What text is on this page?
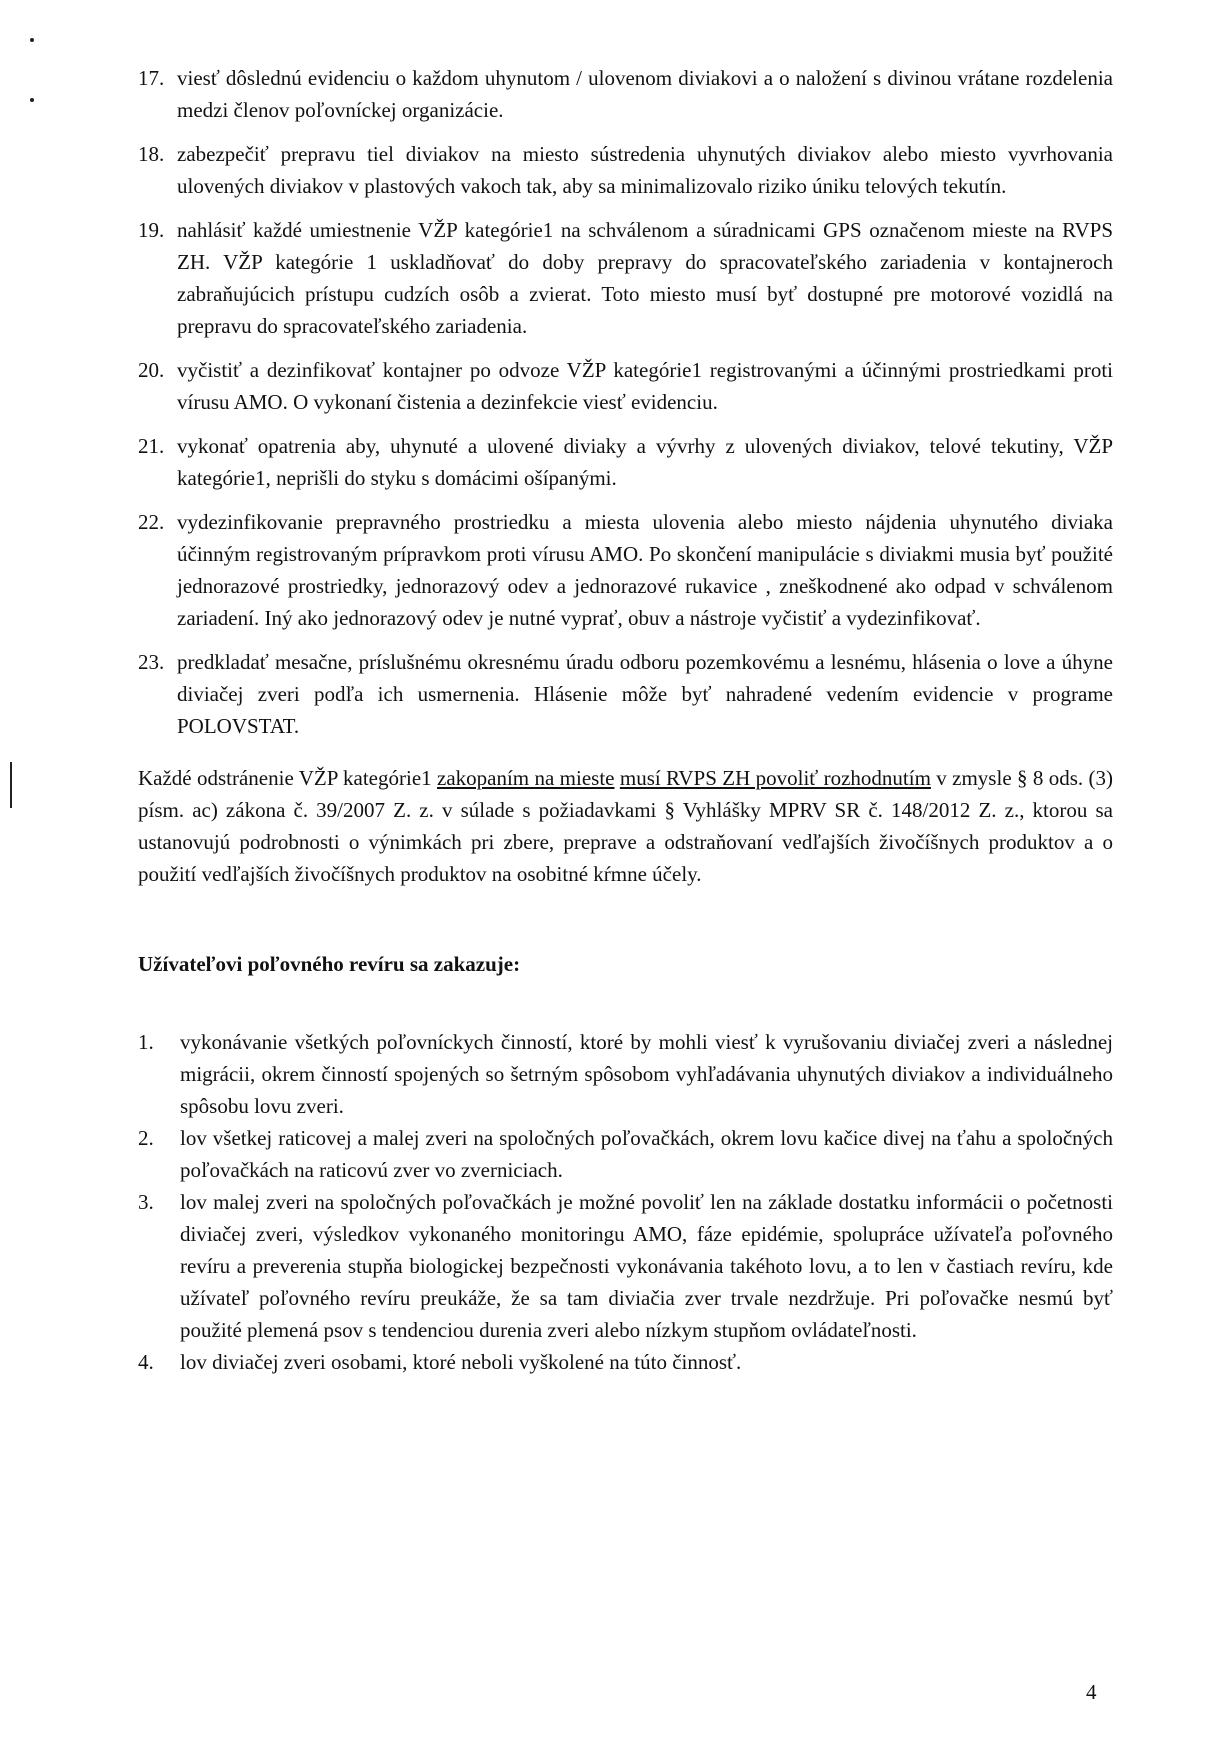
17. viesť dôslednú evidenciu o každom uhynutom / ulovenom diviakovi a o naložení s divinou vrátane rozdelenia medzi členov poľovníckej organizácie.
18. zabezpečiť prepravu tiel diviakov na miesto sústredenia uhynutých diviakov alebo miesto vyvrhovania ulovených diviakov v plastových vakoch tak, aby sa minimalizovalo riziko úniku telových tekutín.
19. nahlásiť každé umiestnenie VŽP kategórie1 na schválenom a súradnicami GPS označenom mieste na RVPS ZH. VŽP kategórie 1 uskladňovať do doby prepravy do spracovateľského zariadenia v kontajneroch zabraňujúcich prístupu cudzích osôb a zvierat. Toto miesto musí byť dostupné pre motorové vozidlá na prepravu do spracovateľského zariadenia.
20. vyčistiť a dezinfikovať kontajner po odvoze VŽP kategórie1 registrovanými a účinnými prostriedkami proti vírusu AMO. O vykonaní čistenia a dezinfekcie viesť evidenciu.
21. vykonať opatrenia aby, uhynuté a ulovené diviaky a vývrhy z ulovených diviakov, telové tekutiny, VŽP kategórie1, neprišli do styku s domácimi ošípanými.
22. vydezinfikovanie prepravného prostriedku a miesta ulovenia alebo miesto nájdenia uhynutého diviaka účinným registrovaným prípravkom proti vírusu AMO. Po skončení manipulácie s diviakmi musia byť použité jednorazové prostriedky, jednorazový odev a jednorazové rukavice , zneškodnené ako odpad v schválenom zariadení. Iný ako jednorazový odev je nutné vyprať, obuv a nástroje vyčistiť a vydezinfikovať.
23. predkladať mesačne, príslušnému okresnému úradu odboru pozemkovému a lesnému, hlásenia o love a úhyne diviačej zveri podľa ich usmernenia. Hlásenie môže byť nahradené vedením evidencie v programe POLOVSTAT.

Každé odstránenie VŽP kategórie1 zakopaním na mieste musí RVPS ZH povoliť rozhodnutím v zmysle § 8 ods. (3) písm. ac) zákona č. 39/2007 Z. z. v súlade s požiadavkami § Vyhlášky MPRV SR č. 148/2012 Z. z., ktorou sa ustanovujú podrobnosti o výnimkách pri zbere, preprave a odstraňovaní vedľajších živočíšnych produktov a o použití vedľajších živočíšnych produktov na osobitné kŕmne účely.

Užívateľovi poľovného revíru sa zakazuje:
1.	vykonávanie všetkých poľovníckych činností, ktoré by mohli viesť k vyrušovaniu diviačej zveri a následnej migrácii, okrem činností spojených so šetrným spôsobom vyhľadávania uhynutých diviakov a individuálneho spôsobu lovu zveri.
2.	lov všetkej raticovej a malej zveri na spoločných poľovačkách, okrem lovu kačice divej na ťahu a spoločných poľovačkách na raticovú zver vo zverniciach.
3.	lov malej zveri na spoločných poľovačkách je možné povoliť len na základe dostatku informácii o početnosti diviačej zveri, výsledkov vykonaného monitoringu AMO, fáze epidémie, spolupráce užívateľa poľovného revíru a preverenia stupňa biologickej bezpečnosti vykonávania takéhoto lovu, a to len v častiach revíru, kde užívateľ poľovného revíru preukáže, že sa tam diviačia zver trvale nezdržuje. Pri poľovačke nesmú byť použité plemená psov s tendenciou durenia zveri alebo nízkym stupňom ovládateľnosti.
4.	lov diviačej zveri osobami, ktoré neboli vyškolené na túto činnosť.
4
